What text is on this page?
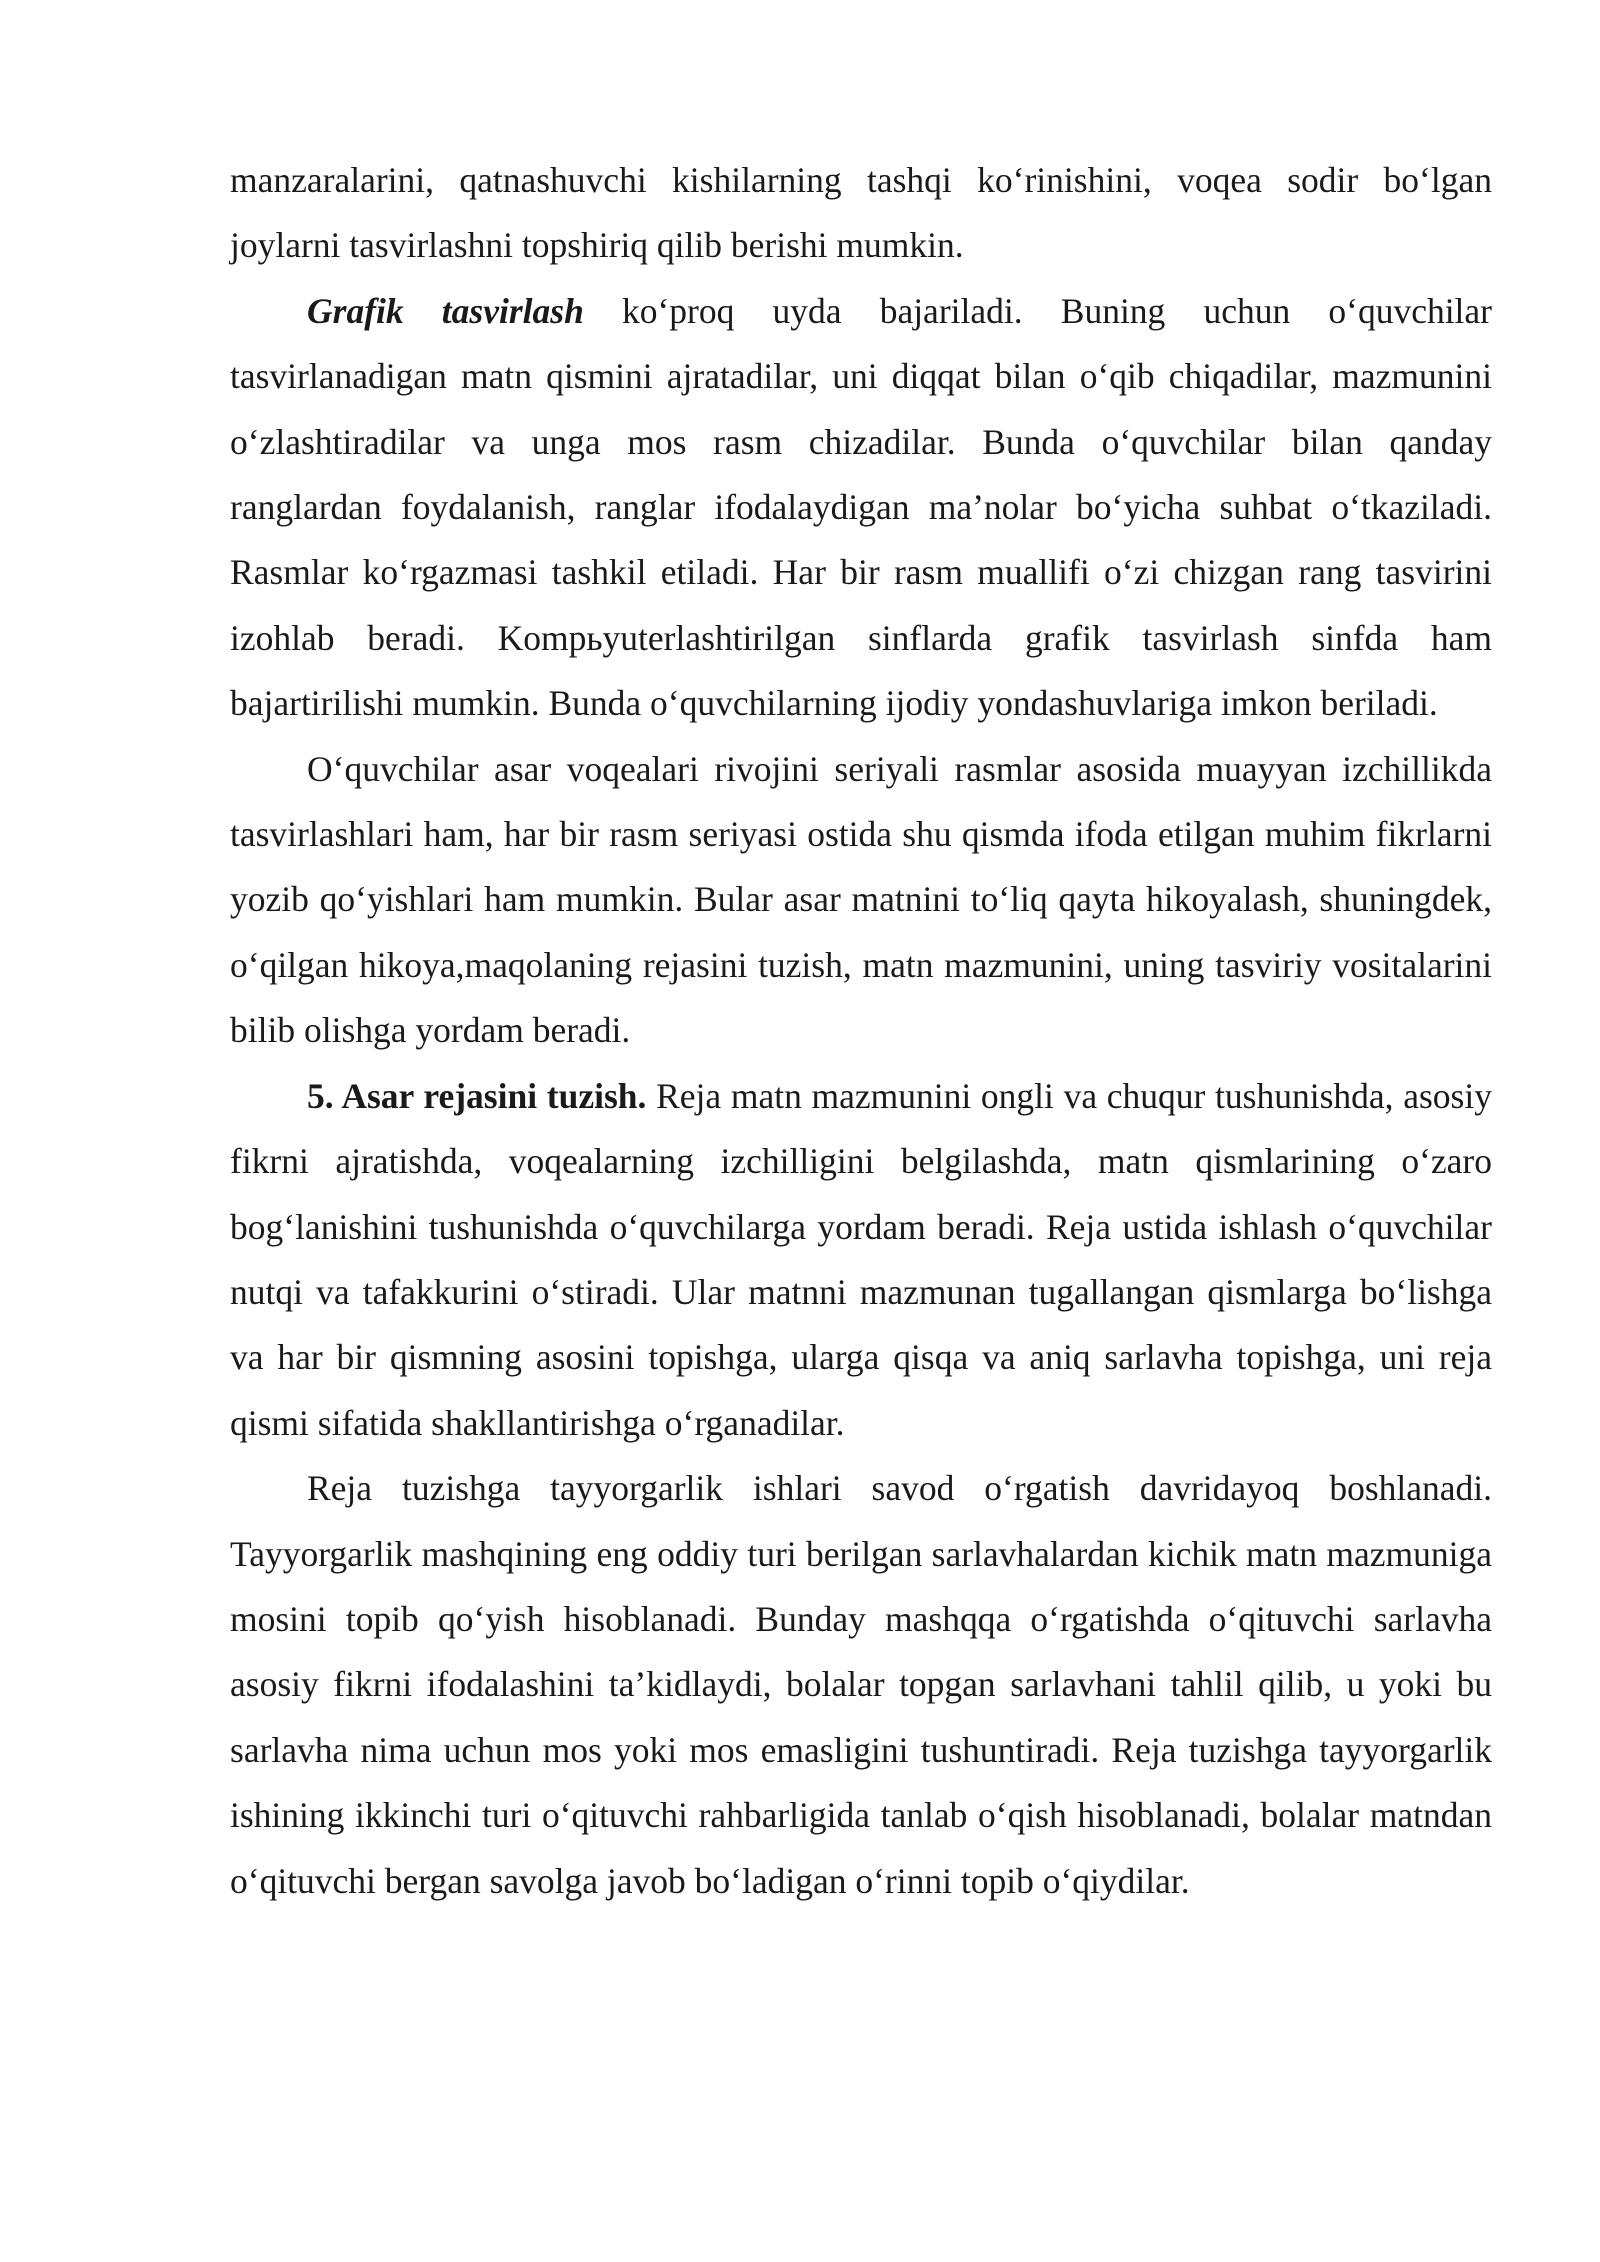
manzaralarini, qatnashuvchi kishilarning tashqi ko‘rinishini, voqea sodir bo‘lgan joylarni tasvirlashni topshiriq qilib berishi mumkin.

Grafik tasvirlash ko‘proq uyda bajariladi. Buning uchun o‘quvchilar tasvirlanadigan matn qismini ajratadilar, uni diqqat bilan o‘qib chiqadilar, mazmunini o‘zlashtiradilar va unga mos rasm chizadilar. Bunda o‘quvchilar bilan qanday ranglardan foydalanish, ranglar ifodalaydigan ma’nolar bo‘yicha suhbat o‘tkaziladi. Rasmlar ko‘rgazmasi tashkil etiladi. Har bir rasm muallifi o‘zi chizgan rang tasvirini izohlab beradi. Kompьyuterlashtirilgan sinflarda grafik tasvirlash sinfda ham bajartirilishi mumkin. Bunda o‘quvchilarning ijodiy yondashuvlariga imkon beriladi.

O‘quvchilar asar voqealari rivojini seriyali rasmlar asosida muayyan izchillikda tasvirlashlari ham, har bir rasm seriyasi ostida shu qismda ifoda etilgan muhim fikrlarni yozib qo‘yishlari ham mumkin. Bular asar matnini to‘liq qayta hikoyalash, shuningdek, o‘qilgan hikoya,maqolaning rejasini tuzish, matn mazmunini, uning tasviriy vositalarini bilib olishga yordam beradi.

5. Asar rejasini tuzish. Reja matn mazmunini ongli va chuqur tushunishda, asosiy fikrni ajratishda, voqealarning izchilligini belgilashda, matn qismlarining o‘zaro bog‘lanishini tushunishda o‘quvchilarga yordam beradi. Reja ustida ishlash o‘quvchilar nutqi va tafakkurini o‘stiradi. Ular matnni mazmunan tugallangan qismlarga bo‘lishga va har bir qismning asosini topishga, ularga qisqa va aniq sarlavha topishga, uni reja qismi sifatida shakllantirishga o‘rganadilar.

Reja tuzishga tayyorgarlik ishlari savod o‘rgatish davridayoq boshlanadi. Tayyorgarlik mashqining eng oddiy turi berilgan sarlavhalardan kichik matn mazmuniga mosini topib qo‘yish hisoblanadi. Bunday mashqqa o‘rgatishda o‘qituvchi sarlavha asosiy fikrni ifodalashini ta’kidlaydi, bolalar topgan sarlavhani tahlil qilib, u yoki bu sarlavha nima uchun mos yoki mos emasligini tushuntiradi. Reja tuzishga tayyorgarlik ishining ikkinchi turi o‘qituvchi rahbarligida tanlab o‘qish hisoblanadi, bolalar matndan o‘qituvchi bergan savolga javob bo‘ladigan o‘rinni topib o‘qiydilar.
